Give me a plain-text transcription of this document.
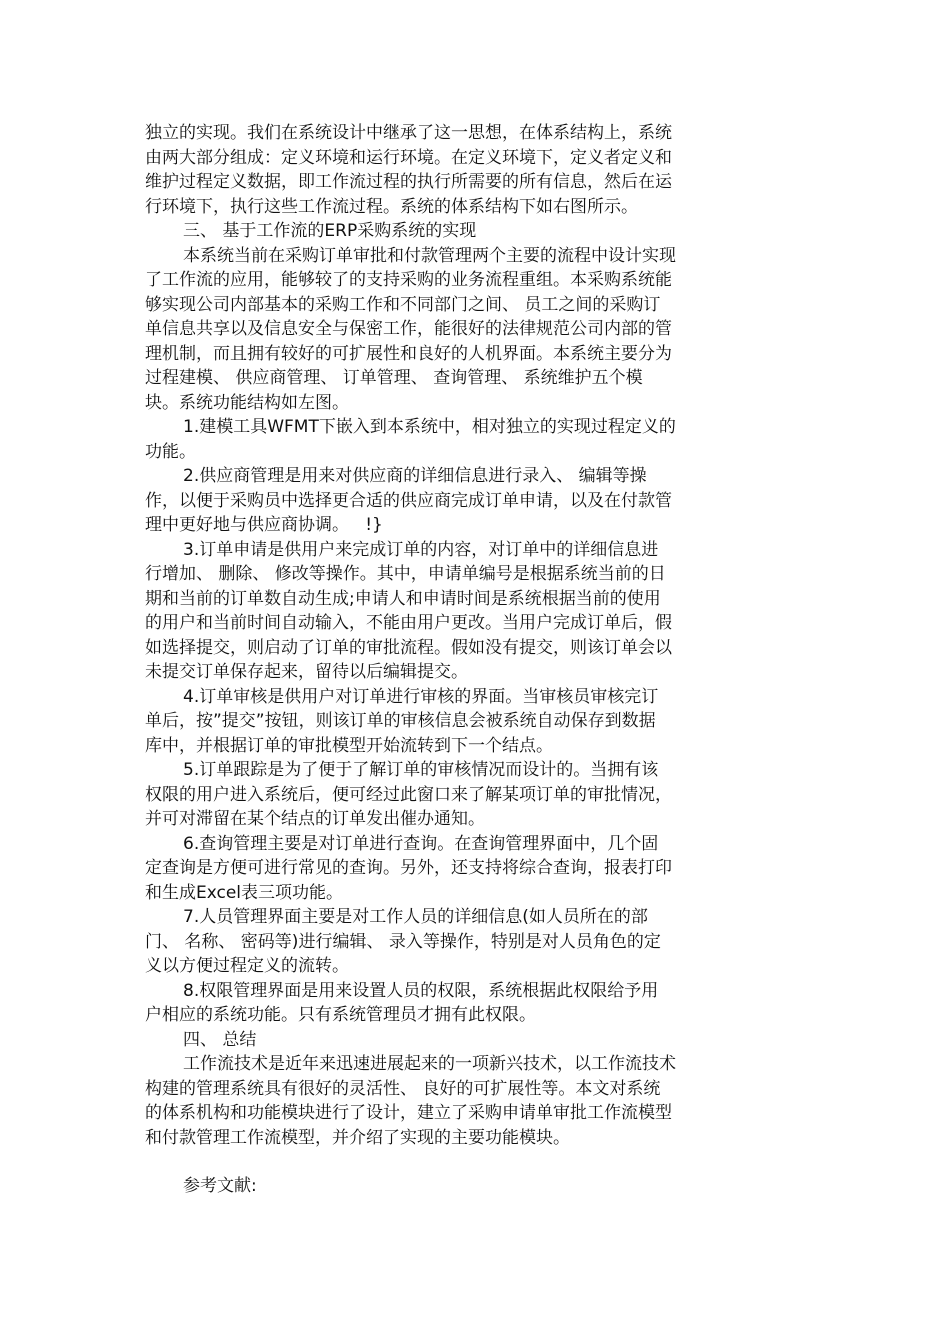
独立的实现。我们在系统设计中继承了这一思想，在体系结构上，系统
由两大部分组成：定义环境和运行环境。在定义环境下，定义者定义和
维护过程定义数据，即工作流过程的执行所需要的所有信息，然后在运
行环境下，执行这些工作流过程。系统的体系结构下如右图所示。
三、 基于工作流的ERP采购系统的实现
本系统当前在采购订单审批和付款管理两个主要的流程中设计实现
了工作流的应用，能够较了的支持采购的业务流程重组。本采购系统能
够实现公司内部基本的采购工作和不同部门之间、 员工之间的采购订
单信息共享以及信息安全与保密工作，能很好的法律规范公司内部的管
理机制，而且拥有较好的可扩展性和良好的人机界面。本系统主要分为
过程建模、 供应商管理、 订单管理、 查询管理、 系统维护五个模
块。系统功能结构如左图。
1.建模工具WFMT下嵌入到本系统中，相对独立的实现过程定义的
功能。
2.供应商管理是用来对供应商的详细信息进行录入、 编辑等操
作，以便于采购员中选择更合适的供应商完成订单申请，以及在付款管
理中更好地与供应商协调。   !}
3.订单申请是供用户来完成订单的内容，对订单中的详细信息进
行增加、 删除、 修改等操作。其中，申请单编号是根据系统当前的日
期和当前的订单数自动生成;申请人和申请时间是系统根据当前的使用
的用户和当前时间自动输入，不能由用户更改。当用户完成订单后，假
如选择提交，则启动了订单的审批流程。假如没有提交，则该订单会以
未提交订单保存起来，留待以后编辑提交。
4.订单审核是供用户对订单进行审核的界面。当审核员审核完订
单后，按”提交”按钮，则该订单的审核信息会被系统自动保存到数据
库中，并根据订单的审批模型开始流转到下一个结点。
5.订单跟踪是为了便于了解订单的审核情况而设计的。当拥有该
权限的用户进入系统后，便可经过此窗口来了解某项订单的审批情况，
并可对滞留在某个结点的订单发出催办通知。
6.查询管理主要是对订单进行查询。在查询管理界面中，几个固
定查询是方便可进行常见的查询。另外，还支持将综合查询，报表打印
和生成Excel表三项功能。
7.人员管理界面主要是对工作人员的详细信息(如人员所在的部
门、 名称、 密码等)进行编辑、 录入等操作，特别是对人员角色的定
义以方便过程定义的流转。
8.权限管理界面是用来设置人员的权限，系统根据此权限给予用
户相应的系统功能。只有系统管理员才拥有此权限。
四、 总结
工作流技术是近年来迅速进展起来的一项新兴技术，以工作流技术
构建的管理系统具有很好的灵活性、 良好的可扩展性等。本文对系统
的体系机构和功能模块进行了设计，建立了采购申请单审批工作流模型
和付款管理工作流模型，并介绍了实现的主要功能模块。
参考文献:
